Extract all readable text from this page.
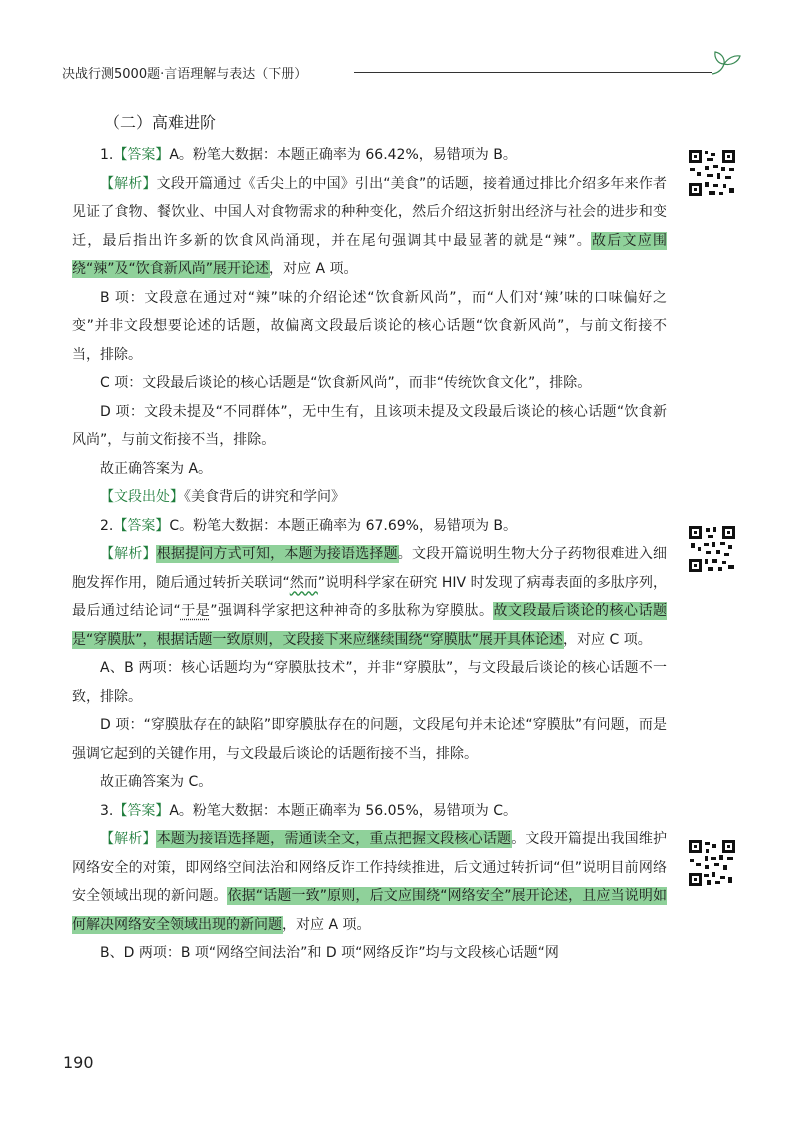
决战行测5000题·言语理解与表达（下册）
（二）高难进阶

1.【答案】A。粉笔大数据：本题正确率为 66.42%，易错项为 B。

【解析】文段开篇通过《舌尖上的中国》引出“美食”的话题，接着通过排比介绍多年来作者见证了食物、餐饮业、中国人对食物需求的种种变化，然后介绍这折射出经济与社会的进步和变迁，最后指出许多新的饮食风尚涌现，并在尾句强调其中最显著的就是“辣”。故后文应围绕“辣”及“饮食新风尚”展开论述，对应 A 项。

B 项：文段意在通过对“辣”味的介绍论述“饮食新风尚”，而“人们对‘辣’味的口味偏好之变”并非文段想要论述的话题，故偏离文段最后谈论的核心话题“饮食新风尚”，与前文衔接不当，排除。

C 项：文段最后谈论的核心话题是“饮食新风尚”，而非“传统饮食文化”，排除。

D 项：文段未提及“不同群体”，无中生有，且该项未提及文段最后谈论的核心话题“饮食新风尚”，与前文衔接不当，排除。

故正确答案为 A。

【文段出处】《美食背后的讲究和学问》

2.【答案】C。粉笔大数据：本题正确率为 67.69%，易错项为 B。

【解析】根据提问方式可知，本题为接语选择题。文段开篇说明生物大分子药物很难进入细胞发挥作用，随后通过转折关联词“然而”说明科学家在研究 HIV 时发现了病毒表面的多肽序列，最后通过结论词“于是”强调科学家把这种神奇的多肽称为穿膜肽。故文段最后谈论的核心话题是“穿膜肽”，根据话题一致原则，文段接下来应继续围绕“穿膜肽”展开具体论述，对应 C 项。

A、B 两项：核心话题均为“穿膜肽技术”，并非“穿膜肽”，与文段最后谈论的核心话题不一致，排除。

D 项：“穿膜肽存在的缺陷”即穿膜肽存在的问题，文段尾句并未论述“穿膜肽”有问题，而是强调它起到的关键作用，与文段最后谈论的话题衔接不当，排除。

故正确答案为 C。

3.【答案】A。粉笔大数据：本题正确率为 56.05%，易错项为 C。

【解析】本题为接语选择题，需通读全文，重点把握文段核心话题。文段开篇提出我国维护网络安全的对策，即网络空间法治和网络反诈工作持续推进，后文通过转折词“但”说明目前网络安全领域出现的新问题。依据“话题一致”原则，后文应围绕“网络安全”展开论述，且应当说明如何解决网络安全领域出现的新问题，对应 A 项。

B、D 两项：B 项“网络空间法治”和 D 项“网络反诈”均与文段核心话题“网

190
